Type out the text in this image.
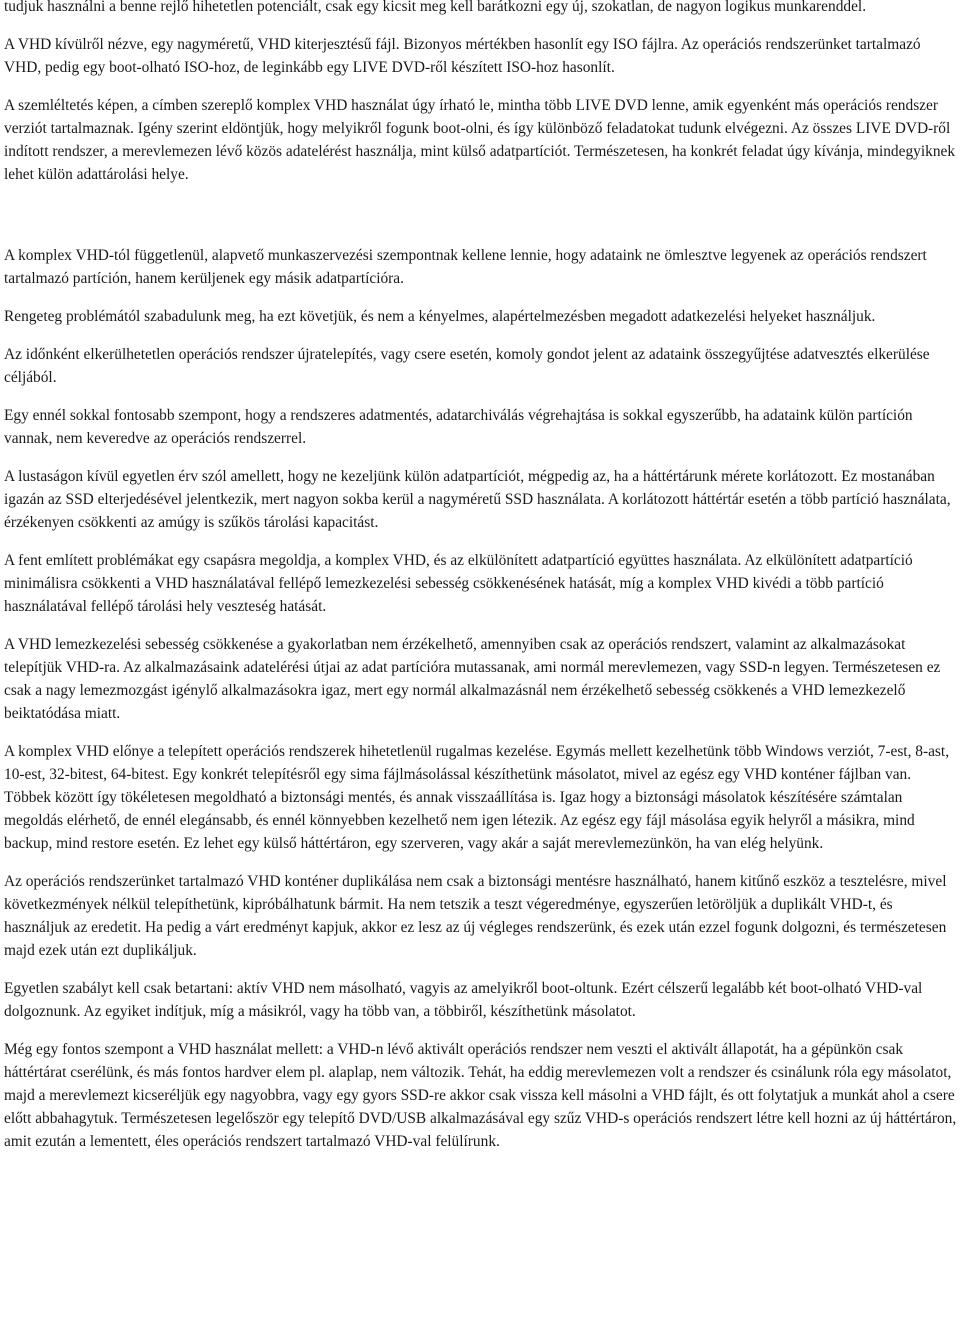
tudjuk használni a benne rejlő hihetetlen potenciált, csak egy kicsit meg kell barátkozni egy új, szokatlan, de nagyon logikus munkarenddel.

A VHD kívülről nézve, egy nagyméretű, VHD kiterjesztésű fájl. Bizonyos mértékben hasonlít egy ISO fájlra. Az operációs rendszerünket tartalmazó VHD, pedig egy boot-olható ISO-hoz, de leginkább egy LIVE DVD-ről készített ISO-hoz hasonlít.

A szemléltetés képen, a címben szereplő komplex VHD használat úgy írható le, mintha több LIVE DVD lenne, amik egyenként más operációs rendszer verziót tartalmaznak. Igény szerint eldöntjük, hogy melyikről fogunk boot-olni, és így különböző feladatokat tudunk elvégezni. Az összes LIVE DVD-ről indított rendszer, a merevlemezen lévő közös adatelérést használja, mint külső adatpartíciót. Természetesen, ha konkrét feladat úgy kívánja, mindegyiknek lehet külön adattárolási helye.

A komplex VHD-tól függetlenül, alapvető munkaszervezési szempontnak kellene lennie, hogy adataink ne ömlesztve legyenek az operációs rendszert tartalmazó partíción, hanem kerüljenek egy másik adatpartícióra.

Rengeteg problémától szabadulunk meg, ha ezt követjük, és nem a kényelmes, alapértelmezésben megadott adatkezelési helyeket használjuk.

Az időnként elkerülhetetlen operációs rendszer újratelepítés, vagy csere esetén, komoly gondot jelent az adataink összegyűjtése adatvesztés elkerülése céljából.

Egy ennél sokkal fontosabb szempont, hogy a rendszeres adatmentés, adatarchiválás végrehajtása is sokkal egyszerűbb, ha adataink külön partíción vannak, nem keveredve az operációs rendszerrel.

A lustaságon kívül egyetlen érv szól amellett, hogy ne kezeljünk külön adatpartíciót, mégpedig az, ha a háttértárunk mérete korlátozott. Ez mostanában igazán az SSD elterjedésével jelentkezik, mert nagyon sokba kerül a nagyméretű SSD használata. A korlátozott háttértár esetén a több partíció használata, érzékenyen csökkenti az amúgy is szűkös tárolási kapacitást.

A fent említett problémákat egy csapásra megoldja, a komplex VHD, és az elkülönített adatpartíció együttes használata. Az elkülönített adatpartíció minimálisra csökkenti a VHD használatával fellépő lemezkezelési sebesség csökkenésének hatását, míg a komplex VHD kivédi a több partíció használatával fellépő tárolási hely veszteség hatását.

A VHD lemezkezelési sebesség csökkenése a gyakorlatban nem érzékelhető, amennyiben csak az operációs rendszert, valamint az alkalmazásokat telepítjük VHD-ra. Az alkalmazásaink adatelérési útjai az adat partícióra mutassanak, ami normál merevlemezen, vagy SSD-n legyen. Természetesen ez csak a nagy lemezmozgást igénylő alkalmazásokra igaz, mert egy normál alkalmazásnál nem érzékelhető sebesség csökkenés a VHD lemezkezelő beiktatódása miatt.

A komplex VHD előnye a telepített operációs rendszerek hihetetlenül rugalmas kezelése. Egymás mellett kezelhetünk több Windows verziót, 7-est, 8-ast, 10-est, 32-bitest, 64-bitest. Egy konkrét telepítésről egy sima fájlmásolással készíthetünk másolatot, mivel az egész egy VHD konténer fájlban van. Többek között így tökéletesen megoldható a biztonsági mentés, és annak visszaállítása is. Igaz hogy a biztonsági másolatok készítésére számtalan megoldás elérhető, de ennél elegánsabb, és ennél könnyebben kezelhető nem igen létezik. Az egész egy fájl másolása egyik helyről a másikra, mind backup, mind restore esetén. Ez lehet egy külső háttértáron, egy szerveren, vagy akár a saját merevlemezünkön, ha van elég helyünk.

Az operációs rendszerünket tartalmazó VHD konténer duplikálása nem csak a biztonsági mentésre használható, hanem kitűnő eszköz a tesztelésre, mivel következmények nélkül telepíthetünk, kipróbálhatunk bármit. Ha nem tetszik a teszt végeredménye, egyszerűen letöröljük a duplikált VHD-t, és használjuk az eredetit. Ha pedig a várt eredményt kapjuk, akkor ez lesz az új végleges rendszerünk, és ezek után ezzel fogunk dolgozni, és természetesen majd ezek után ezt duplikáljuk.

Egyetlen szabályt kell csak betartani: aktív VHD nem másolható, vagyis az amelyikről boot-oltunk. Ezért célszerű legalább két boot-olható VHD-val dolgoznunk. Az egyiket indítjuk, míg a másikról, vagy ha több van, a többiről, készíthetünk másolatot.

Még egy fontos szempont a VHD használat mellett: a VHD-n lévő aktivált operációs rendszer nem veszti el aktivált állapotát, ha a gépünkön csak háttértárat cserélünk, és más fontos hardver elem pl. alaplap, nem változik. Tehát, ha eddig merevlemezen volt a rendszer és csinálunk róla egy másolatot, majd a merevlemezt kicseréljük egy nagyobbra, vagy egy gyors SSD-re akkor csak vissza kell másolni a VHD fájlt, és ott folytatjuk a munkát ahol a csere előtt abbahagytuk. Természetesen legelőször egy telepítő DVD/USB alkalmazásával egy szűz VHD-s operációs rendszert létre kell hozni az új háttértáron, amit ezután a lementett, éles operációs rendszert tartalmazó VHD-val felülírunk.
